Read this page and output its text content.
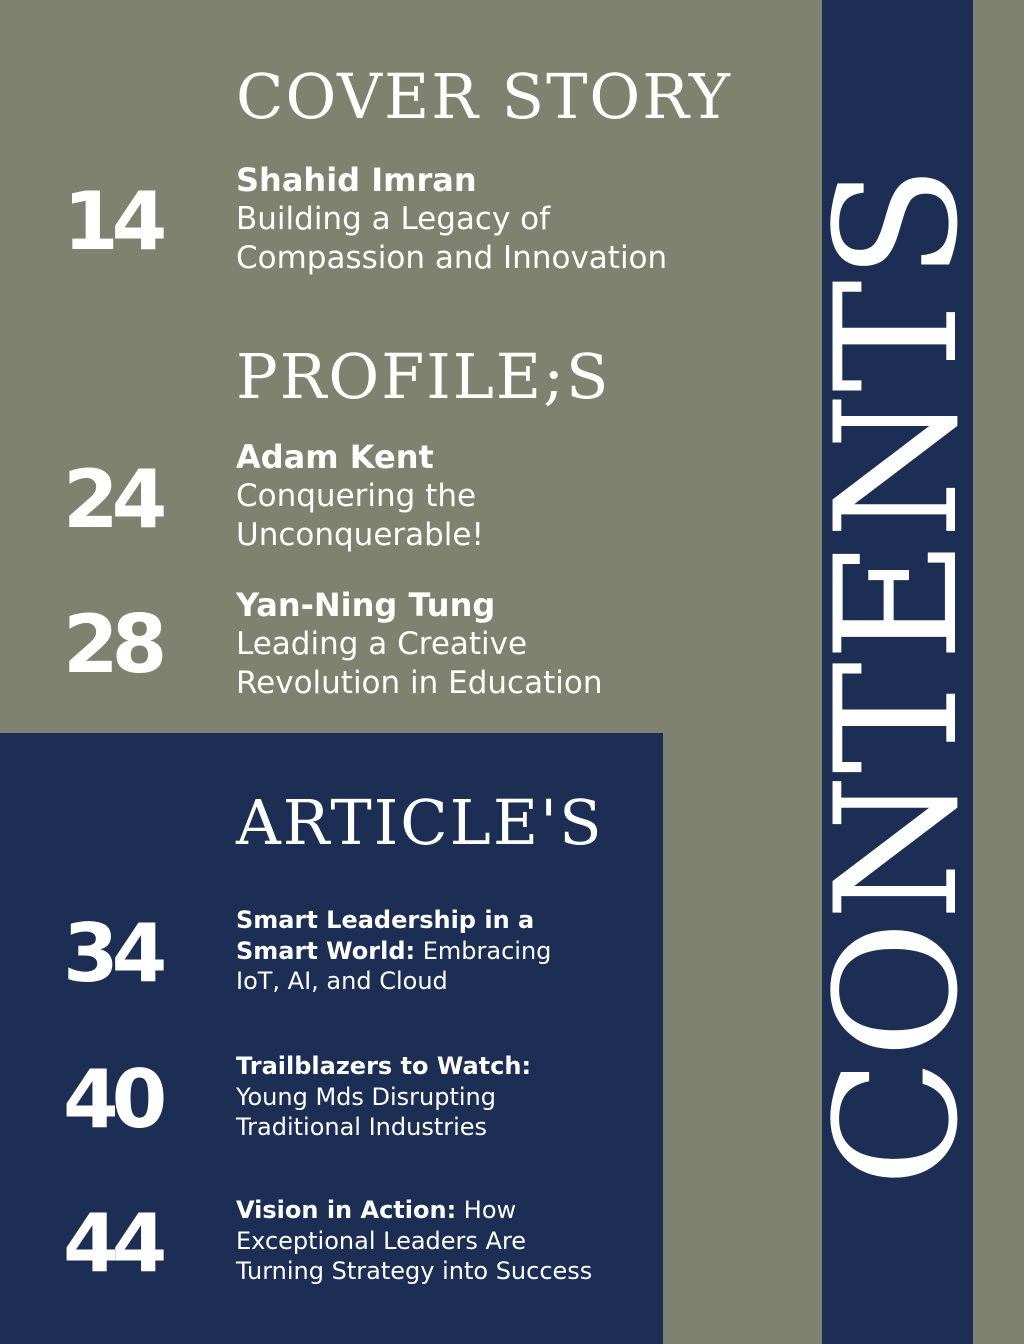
CONTENTS
COVER STORY
14 Shahid Imran
Building a Legacy of
Compassion and Innovation
PROFILE;S
24 Adam Kent
Conquering the
Unconquerable!
28 Yan-Ning Tung
Leading a Creative
Revolution in Education
ARTICLE'S
34	Smart Leadership in a
Smart World: Embracing
IoT, AI, and Cloud
40	Trailblazers to Watch:
Young Mds Disrupting
Traditional Industries
44	Vision in Action: How
Exceptional Leaders Are
Turning Strategy into Success
